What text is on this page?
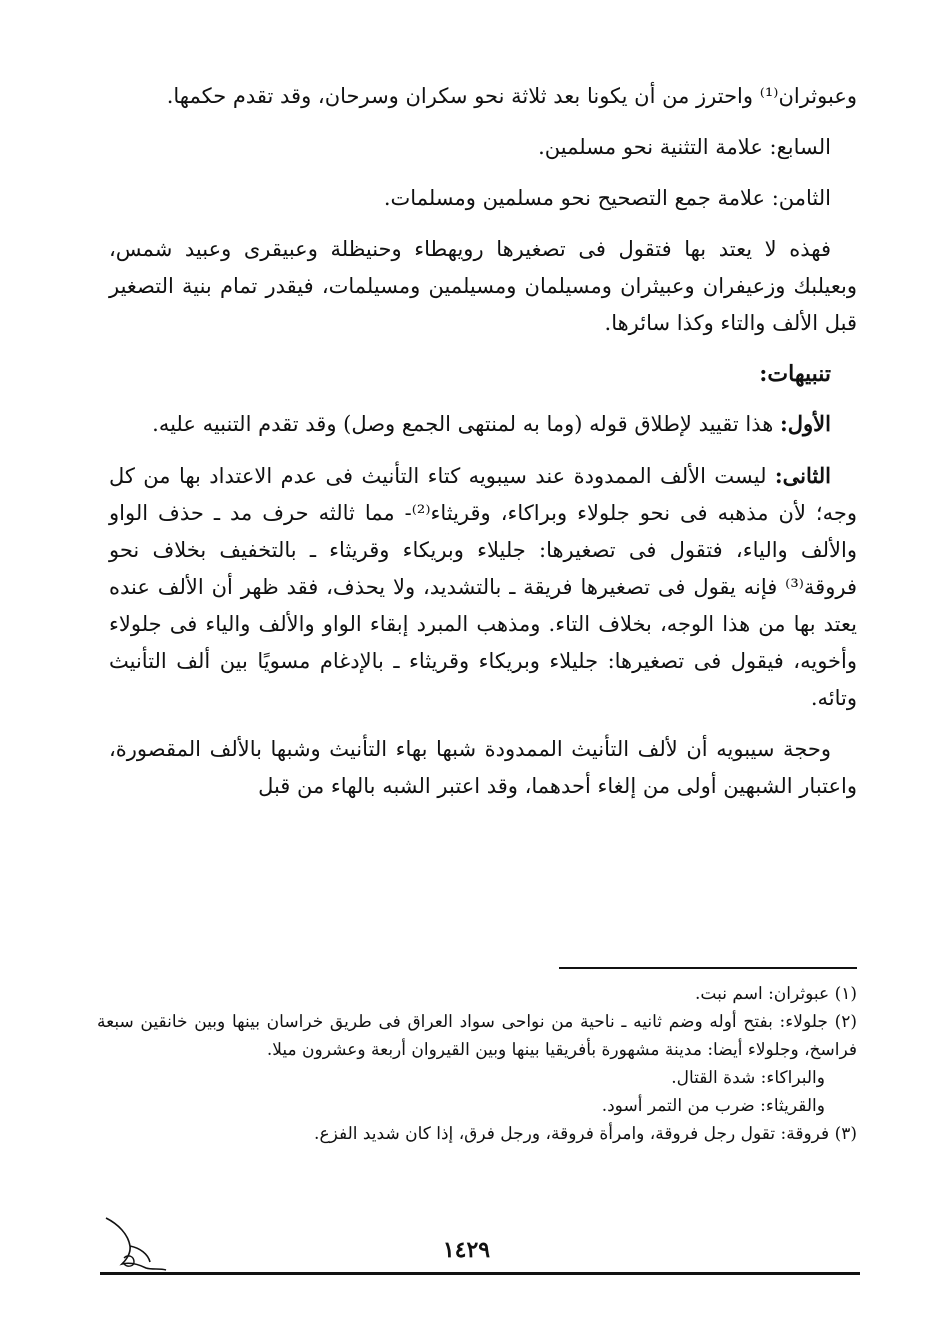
وعبوثران⁽¹⁾ واحترز من أن يكونا بعد ثلاثة نحو سكران وسرحان، وقد تقدم حكمها.

السابع: علامة التثنية نحو مسلمين.

الثامن: علامة جمع التصحيح نحو مسلمين ومسلمات.

فهذه لا يعتد بها فتقول فى تصغيرها رويهطاء وحنيظلة وعبيقرى وعبيد شمس، وبعيلبك وزعيفران وعبيثران ومسيلمان ومسيلمين ومسيلمات، فيقدر تمام بنية التصغير قبل الألف والتاء وكذا سائرها.

تنبيهات:

الأول: هذا تقييد لإطلاق قوله (وما به لمنتهى الجمع وصل) وقد تقدم التنبيه عليه.

الثانى: ليست الألف الممدودة عند سيبويه كتاء التأنيث فى عدم الاعتداد بها من كل وجه؛ لأن مذهبه فى نحو جلولاء وبراكاء، وقريثاء⁽²⁾- مما ثالثه حرف مد ـ حذف الواو والألف والياء، فتقول فى تصغيرها: جليلاء وبريكاء وقريثاء ـ بالتخفيف بخلاف نحو فروقة⁽³⁾ فإنه يقول فى تصغيرها فريقة ـ بالتشديد، ولا يحذف، فقد ظهر أن الألف عنده يعتد بها من هذا الوجه، بخلاف التاء. ومذهب المبرد إبقاء الواو والألف والياء فى جلولاء وأخويه، فيقول فى تصغيرها: جليلاء وبريكاء وقريثاء ـ بالإدغام مسويًا بين ألف التأنيث وتائه.

وحجة سيبويه أن لألف التأنيث الممدودة شبها بهاء التأنيث وشبها بالألف المقصورة، واعتبار الشبهين أولى من إلغاء أحدهما، وقد اعتبر الشبه بالهاء من قبل

(١) عبوثران: اسم نبت.

(٢) جلولاء: بفتح أوله وضم ثانيه ـ ناحية من نواحى سواد العراق فى طريق خراسان بينها وبين خانقين سبعة فراسخ، وجلولاء أيضا: مدينة مشهورة بأفريقيا بينها وبين القيروان أربعة وعشرون ميلا.

والبراكاء: شدة القتال.

والقريثاء: ضرب من التمر أسود.

(٣) فروقة: تقول رجل فروقة، وامرأة فروقة، ورجل فرق، إذا كان شديد الفزع.

١٤٢٩
